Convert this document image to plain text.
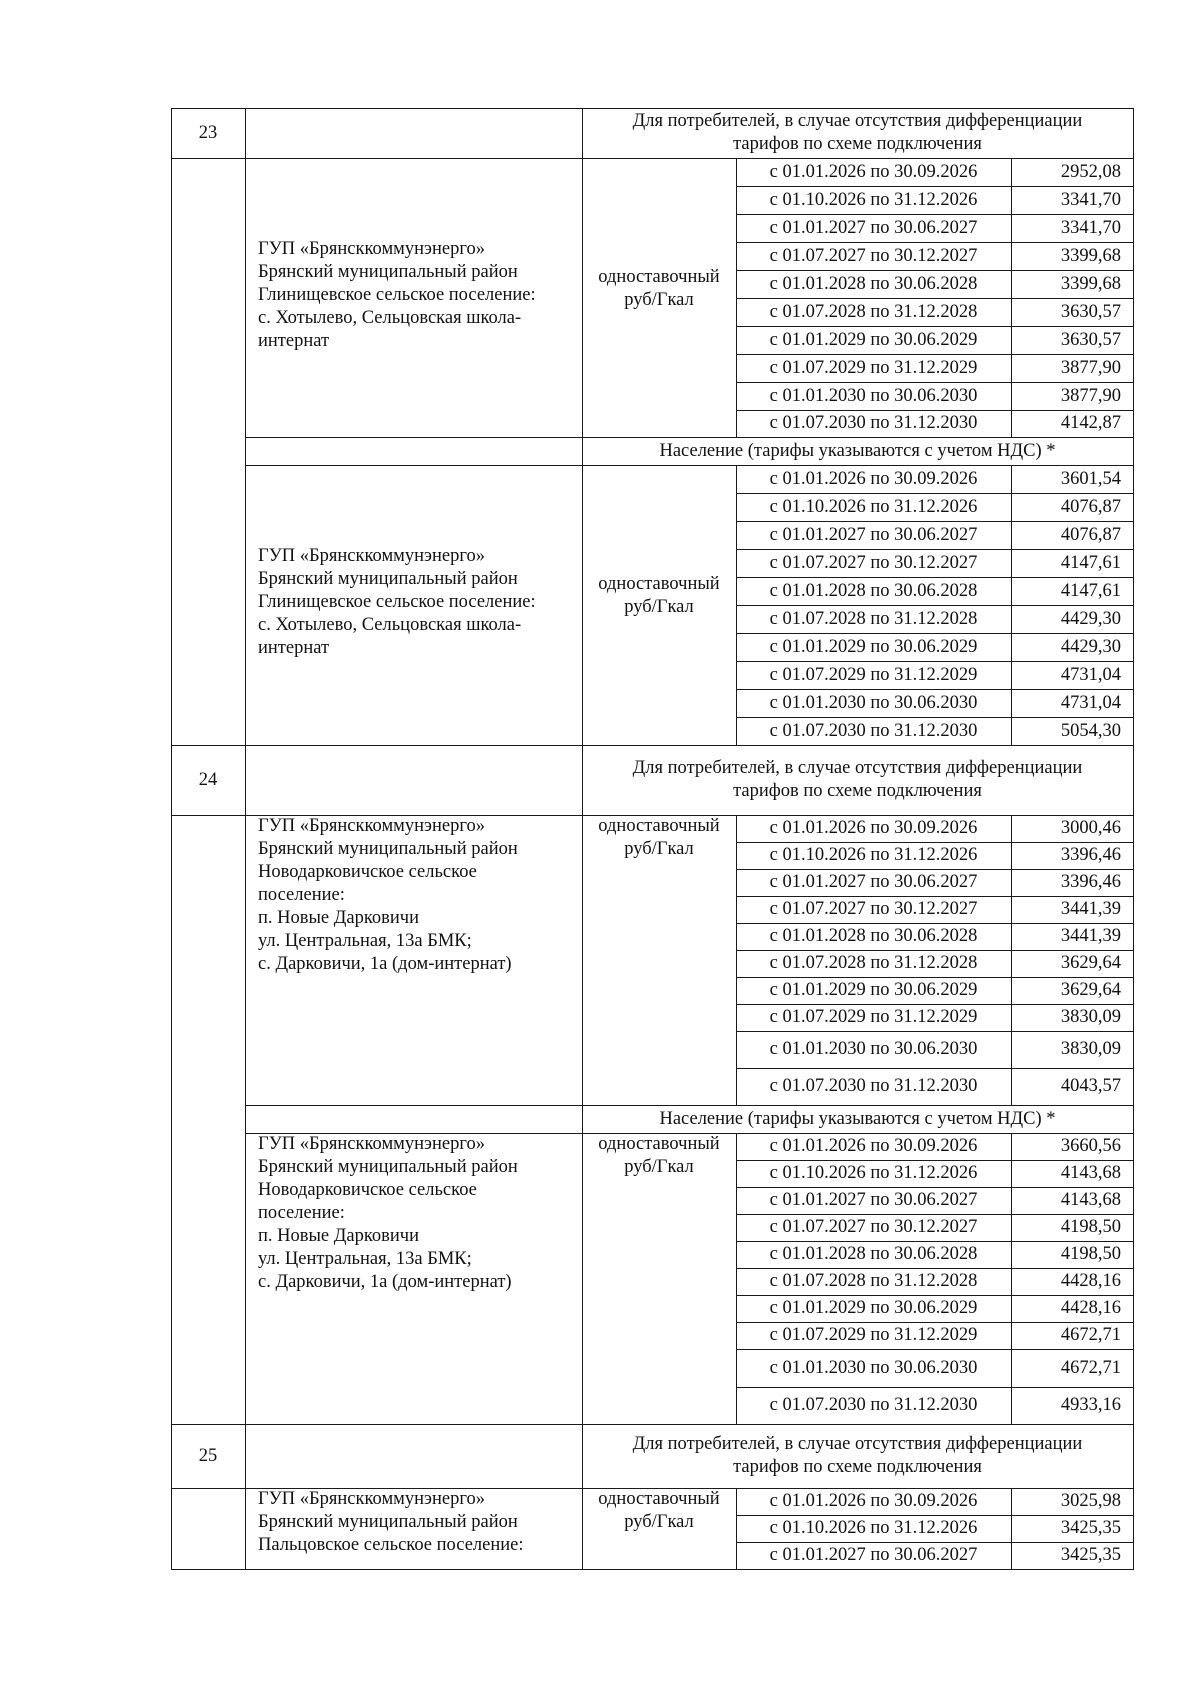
23
Для потребителей, в случае отсутствия дифференциации
тарифов по схеме подключения
ГУП «Брянсккоммунэнерго»
Брянский муниципальный район
Глинищевское сельское поселение:
с. Хотылево, Сельцовская школа-
интернат
одноставочный
руб/Гкал
с 01.01.2026 по 30.09.2026	2952,08
с 01.10.2026 по 31.12.2026	3341,70
с 01.01.2027 по 30.06.2027	3341,70
с 01.07.2027 по 30.12.2027	3399,68
с 01.01.2028 по 30.06.2028	3399,68
с 01.07.2028 по 31.12.2028	3630,57
с 01.01.2029 по 30.06.2029	3630,57
с 01.07.2029 по 31.12.2029	3877,90
с 01.01.2030 по 30.06.2030	3877,90
с 01.07.2030 по 31.12.2030	4142,87
Население (тарифы указываются с учетом НДС) *
ГУП «Брянсккоммунэнерго»
Брянский муниципальный район
Глинищевское сельское поселение:
с. Хотылево, Сельцовская школа-
интернат
одноставочный
руб/Гкал
с 01.01.2026 по 30.09.2026	3601,54
с 01.10.2026 по 31.12.2026	4076,87
с 01.01.2027 по 30.06.2027	4076,87
с 01.07.2027 по 30.12.2027	4147,61
с 01.01.2028 по 30.06.2028	4147,61
с 01.07.2028 по 31.12.2028	4429,30
с 01.01.2029 по 30.06.2029	4429,30
с 01.07.2029 по 31.12.2029	4731,04
с 01.01.2030 по 30.06.2030	4731,04
с 01.07.2030 по 31.12.2030	5054,30
24
Для потребителей, в случае отсутствия дифференциации
тарифов по схеме подключения
ГУП «Брянсккоммунэнерго»
Брянский муниципальный район
Новодарковичское сельское
поселение:
п. Новые Дарковичи
ул. Центральная, 13а БМК;
с. Дарковичи, 1а (дом-интернат)
одноставочный
руб/Гкал
с 01.01.2026 по 30.09.2026	3000,46
с 01.10.2026 по 31.12.2026	3396,46
с 01.01.2027 по 30.06.2027	3396,46
с 01.07.2027 по 30.12.2027	3441,39
с 01.01.2028 по 30.06.2028	3441,39
с 01.07.2028 по 31.12.2028	3629,64
с 01.01.2029 по 30.06.2029	3629,64
с 01.07.2029 по 31.12.2029	3830,09
с 01.01.2030 по 30.06.2030	3830,09
с 01.07.2030 по 31.12.2030	4043,57
Население (тарифы указываются с учетом НДС) *
ГУП «Брянсккоммунэнерго»
Брянский муниципальный район
Новодарковичское сельское
поселение:
п. Новые Дарковичи
ул. Центральная, 13а БМК;
с. Дарковичи, 1а (дом-интернат)
одноставочный
руб/Гкал
с 01.01.2026 по 30.09.2026	3660,56
с 01.10.2026 по 31.12.2026	4143,68
с 01.01.2027 по 30.06.2027	4143,68
с 01.07.2027 по 30.12.2027	4198,50
с 01.01.2028 по 30.06.2028	4198,50
с 01.07.2028 по 31.12.2028	4428,16
с 01.01.2029 по 30.06.2029	4428,16
с 01.07.2029 по 31.12.2029	4672,71
с 01.01.2030 по 30.06.2030	4672,71
с 01.07.2030 по 31.12.2030	4933,16
25
Для потребителей, в случае отсутствия дифференциации
тарифов по схеме подключения
ГУП «Брянсккоммунэнерго»
Брянский муниципальный район
Пальцовское сельское поселение:
одноставочный
руб/Гкал
с 01.01.2026 по 30.09.2026	3025,98
с 01.10.2026 по 31.12.2026	3425,35
с 01.01.2027 по 30.06.2027	3425,35
